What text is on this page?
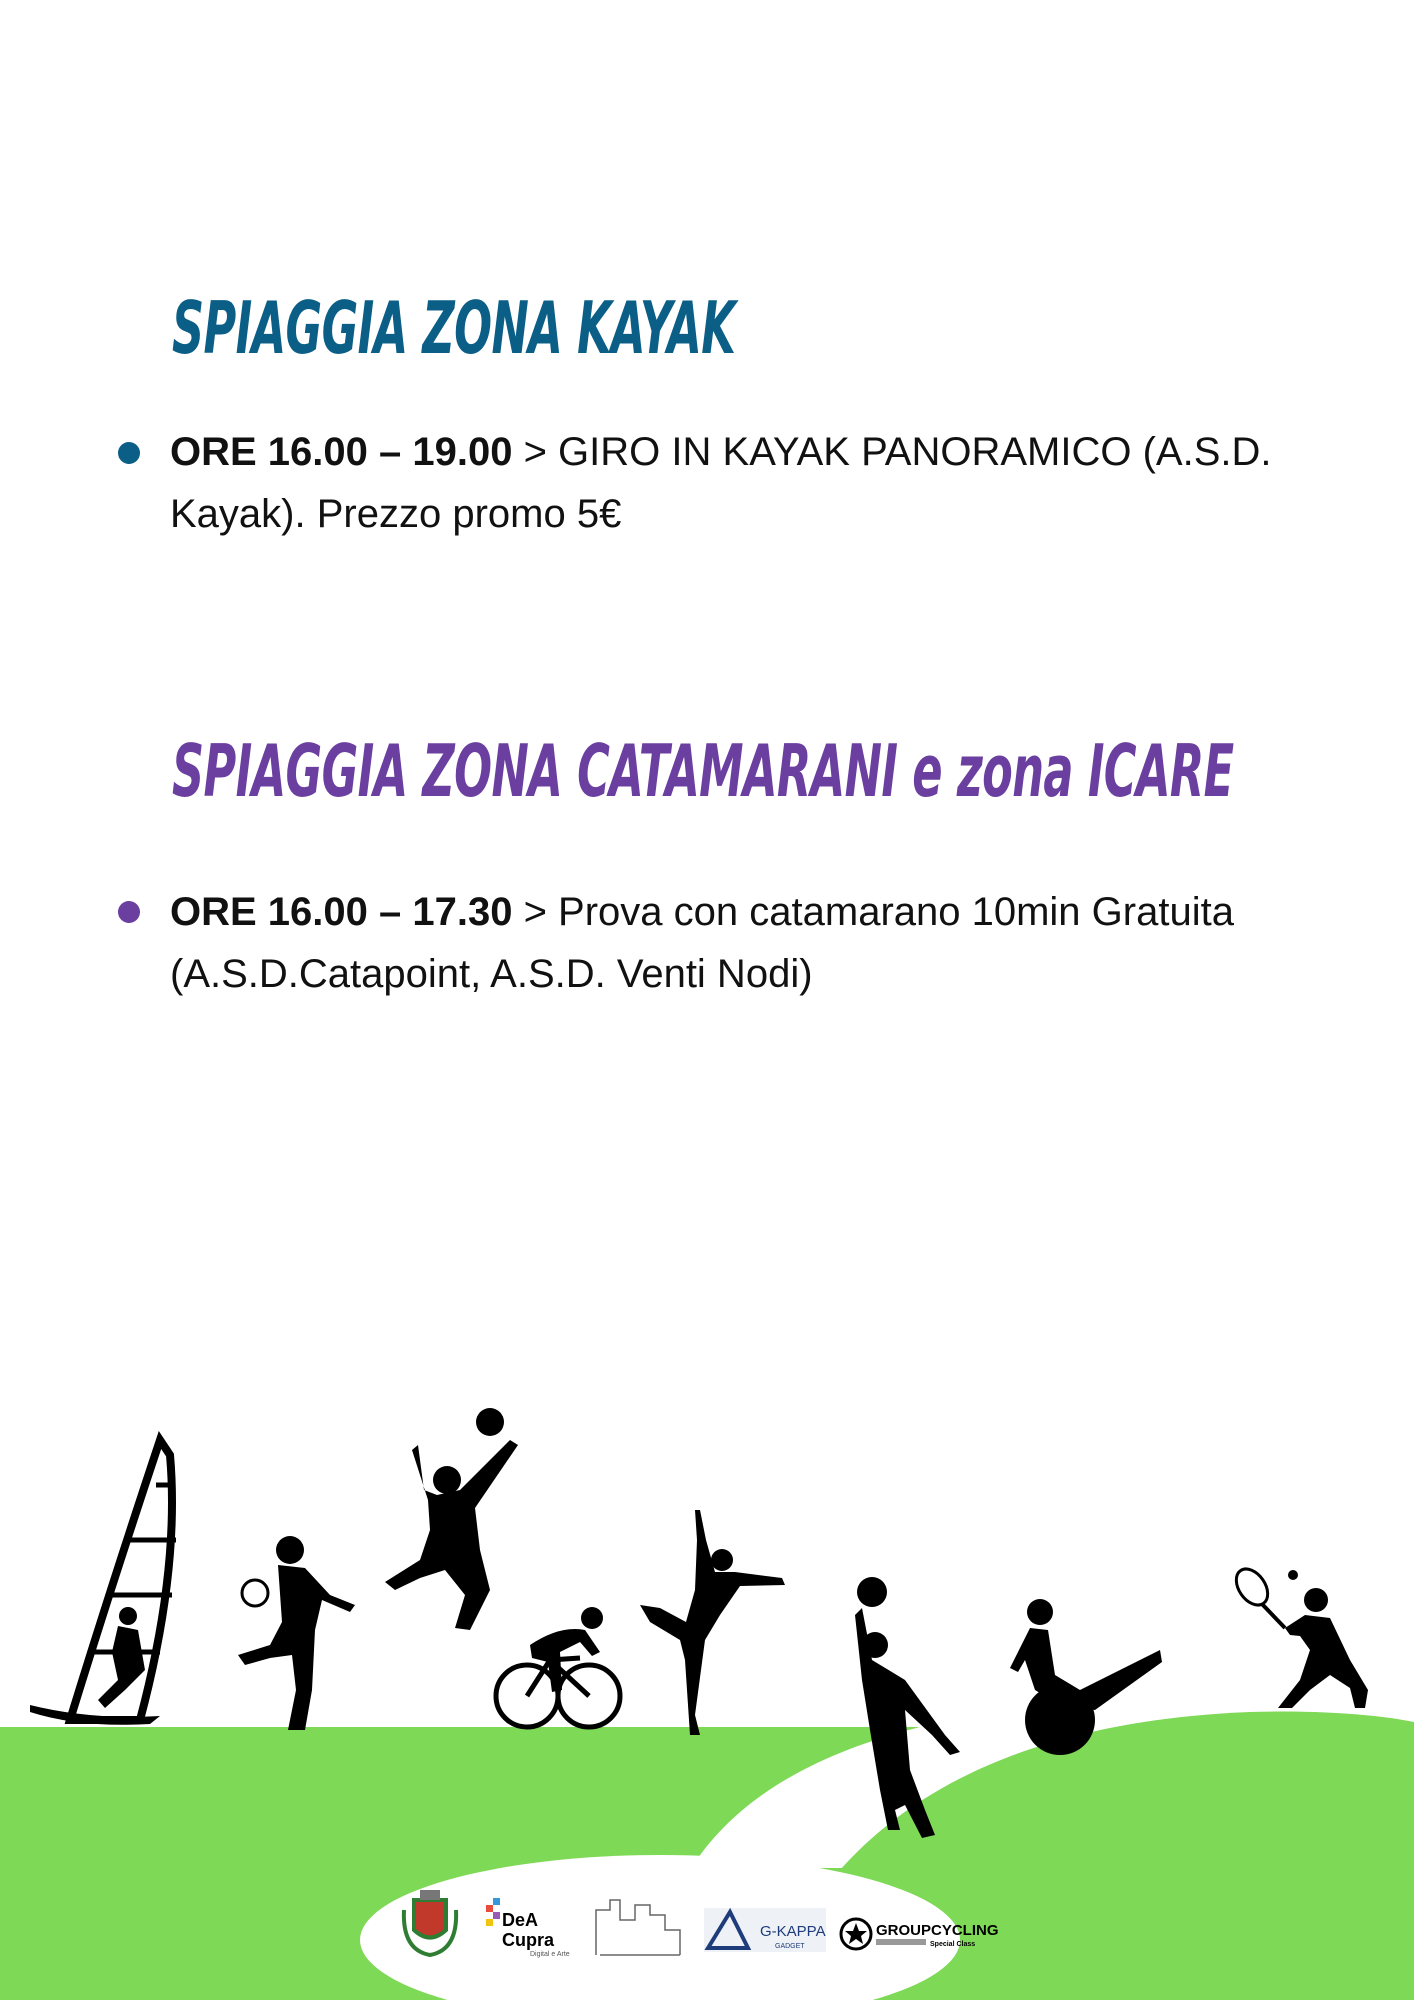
SPIAGGIA ZONA KAYAK

ORE 16.00 – 19.00 > GIRO IN KAYAK PANORAMICO (A.S.D. Kayak). Prezzo promo 5€

SPIAGGIA ZONA CATAMARANI e zona ICARE

ORE 16.00 – 17.30 > Prova con catamarano 10min Gratuita (A.S.D.Catapoint, A.S.D. Venti Nodi)

DeA
Cupra
Digital e Arte
G-KAPPA
GADGET
GROUPCYCLING
Special Class
